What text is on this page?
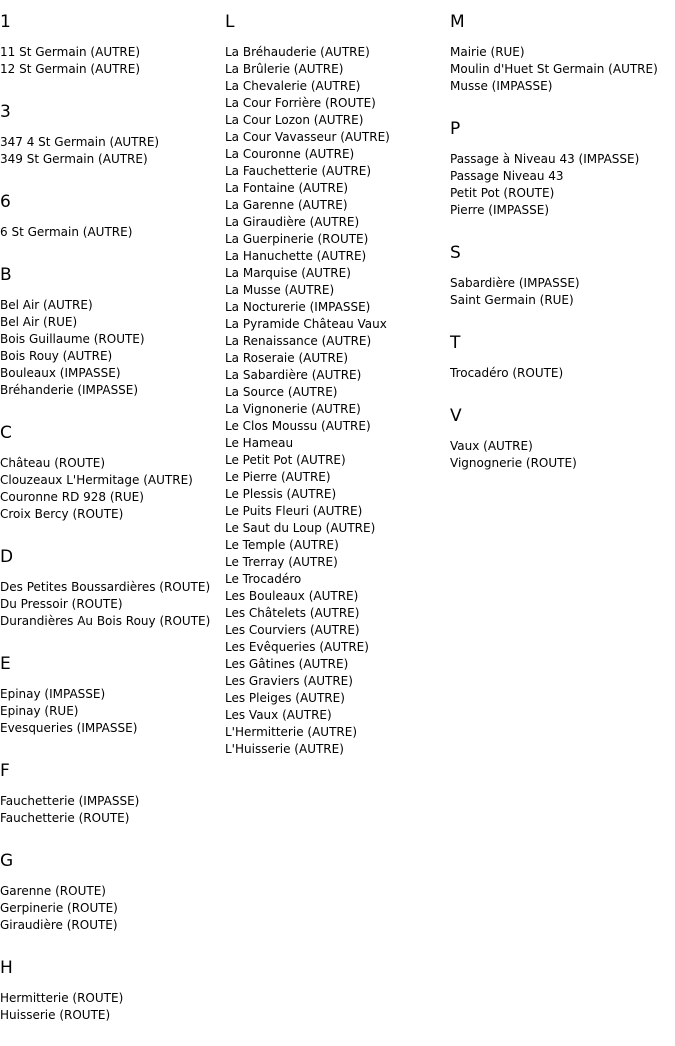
1
11 St Germain (AUTRE)
12 St Germain (AUTRE)
3
347 4 St Germain (AUTRE)
349 St Germain (AUTRE)
6
6 St Germain (AUTRE)
B
Bel Air (AUTRE)
Bel Air (RUE)
Bois Guillaume (ROUTE)
Bois Rouy (AUTRE)
Bouleaux (IMPASSE)
Bréhanderie (IMPASSE)
C
Château (ROUTE)
Clouzeaux L'Hermitage (AUTRE)
Couronne RD 928 (RUE)
Croix Bercy (ROUTE)
D
Des Petites Boussardières (ROUTE)
Du Pressoir (ROUTE)
Durandières Au Bois Rouy (ROUTE)
E
Epinay (IMPASSE)
Epinay (RUE)
Evesqueries (IMPASSE)
F
Fauchetterie (IMPASSE)
Fauchetterie (ROUTE)
G
Garenne (ROUTE)
Gerpinerie (ROUTE)
Giraudière (ROUTE)
H
Hermitterie (ROUTE)
Huisserie (ROUTE)
L
La Bréhauderie (AUTRE)
La Brûlerie (AUTRE)
La Chevalerie (AUTRE)
La Cour Forrière (ROUTE)
La Cour Lozon (AUTRE)
La Cour Vavasseur (AUTRE)
La Couronne (AUTRE)
La Fauchetterie (AUTRE)
La Fontaine (AUTRE)
La Garenne (AUTRE)
La Giraudière (AUTRE)
La Guerpinerie (ROUTE)
La Hanuchette (AUTRE)
La Marquise (AUTRE)
La Musse (AUTRE)
La Nocturerie (IMPASSE)
La Pyramide Château Vaux
La Renaissance (AUTRE)
La Roseraie (AUTRE)
La Sabardière (AUTRE)
La Source (AUTRE)
La Vignonerie (AUTRE)
Le Clos Moussu (AUTRE)
Le Hameau
Le Petit Pot (AUTRE)
Le Pierre (AUTRE)
Le Plessis (AUTRE)
Le Puits Fleuri (AUTRE)
Le Saut du Loup (AUTRE)
Le Temple (AUTRE)
Le Trerray (AUTRE)
Le Trocadéro
Les Bouleaux (AUTRE)
Les Châtelets (AUTRE)
Les Courviers (AUTRE)
Les Evêqueries (AUTRE)
Les Gâtines (AUTRE)
Les Graviers (AUTRE)
Les Pleiges (AUTRE)
Les Vaux (AUTRE)
L'Hermitterie (AUTRE)
L'Huisserie (AUTRE)
M
Mairie (RUE)
Moulin d'Huet St Germain (AUTRE)
Musse (IMPASSE)
P
Passage à Niveau 43 (IMPASSE)
Passage Niveau 43
Petit Pot (ROUTE)
Pierre (IMPASSE)
S
Sabardière (IMPASSE)
Saint Germain (RUE)
T
Trocadéro (ROUTE)
V
Vaux (AUTRE)
Vignognerie (ROUTE)
